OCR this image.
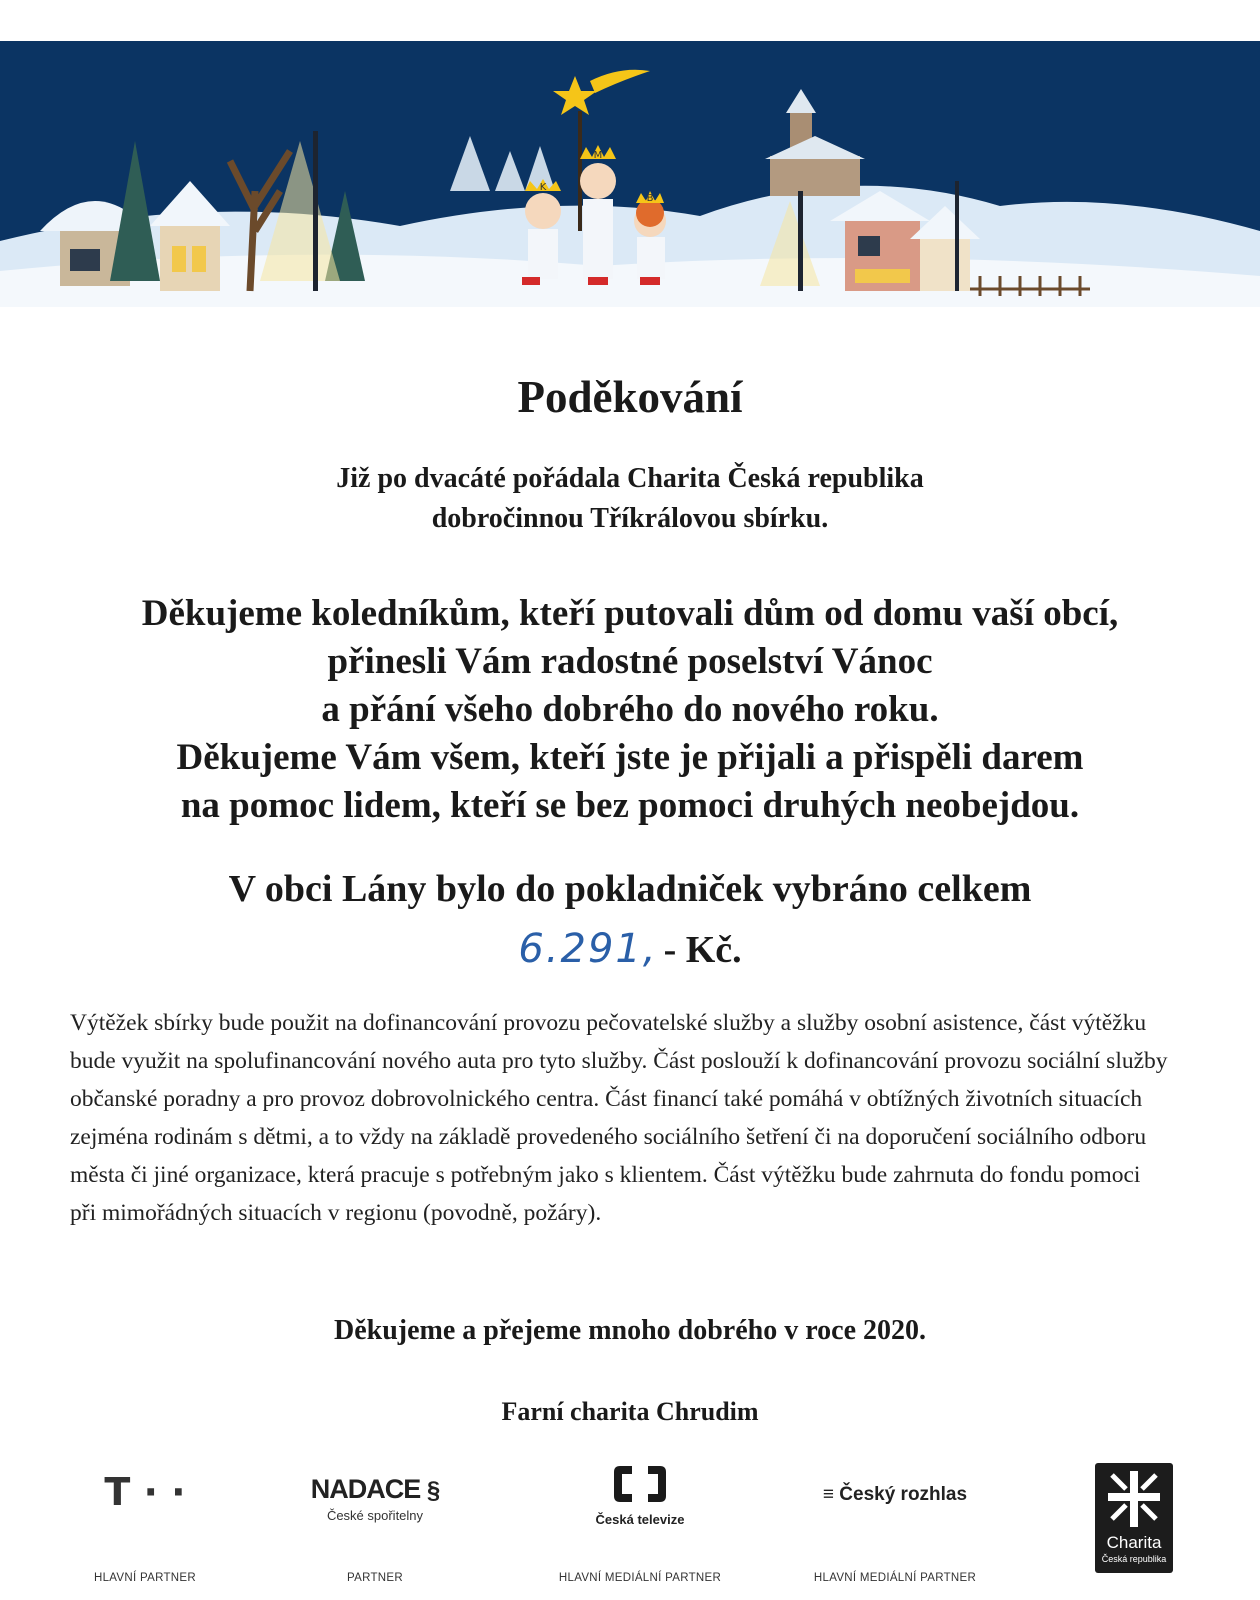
K
M
B
Poděkování
Již po dvacáté pořádala Charita Česká republika
dobročinnou Tříkrálovou sbírku.
Děkujeme koledníkům, kteří putovali dům od domu vaší obcí,
přinesli Vám radostné poselství Vánoc
a přání všeho dobrého do nového roku.
Děkujeme Vám všem, kteří jste je přijali a přispěli darem
na pomoc lidem, kteří se bez pomoci druhých neobejdou.
V obci Lány bylo do pokladniček vybráno celkem
6.291, - Kč.
Výtěžek sbírky bude použit na dofinancování provozu pečovatelské služby a služby osobní asistence, část výtěžku bude využit na spolufinancování nového auta pro tyto služby. Část poslouží k dofinancování provozu sociální služby občanské poradny a pro provoz dobrovolnického centra. Část financí také pomáhá v obtížných životních situacích zejména rodinám s dětmi, a to vždy na základě provedeného sociálního šetření či na doporučení sociálního odboru města či jiné organizace, která pracuje s potřebným jako s klientem. Část výtěžku bude zahrnuta do fondu pomoci při mimořádných situacích v regionu (povodně, požáry).
Děkujeme a přejeme mnoho dobrého v roce 2020.
Farní charita Chrudim
T · ·
HLAVNÍ PARTNER
NADACE §
České spořitelny
PARTNER
Česká televize
HLAVNÍ MEDIÁLNÍ PARTNER
≡ Český rozhlas
HLAVNÍ MEDIÁLNÍ PARTNER
Charita
Česká republika
